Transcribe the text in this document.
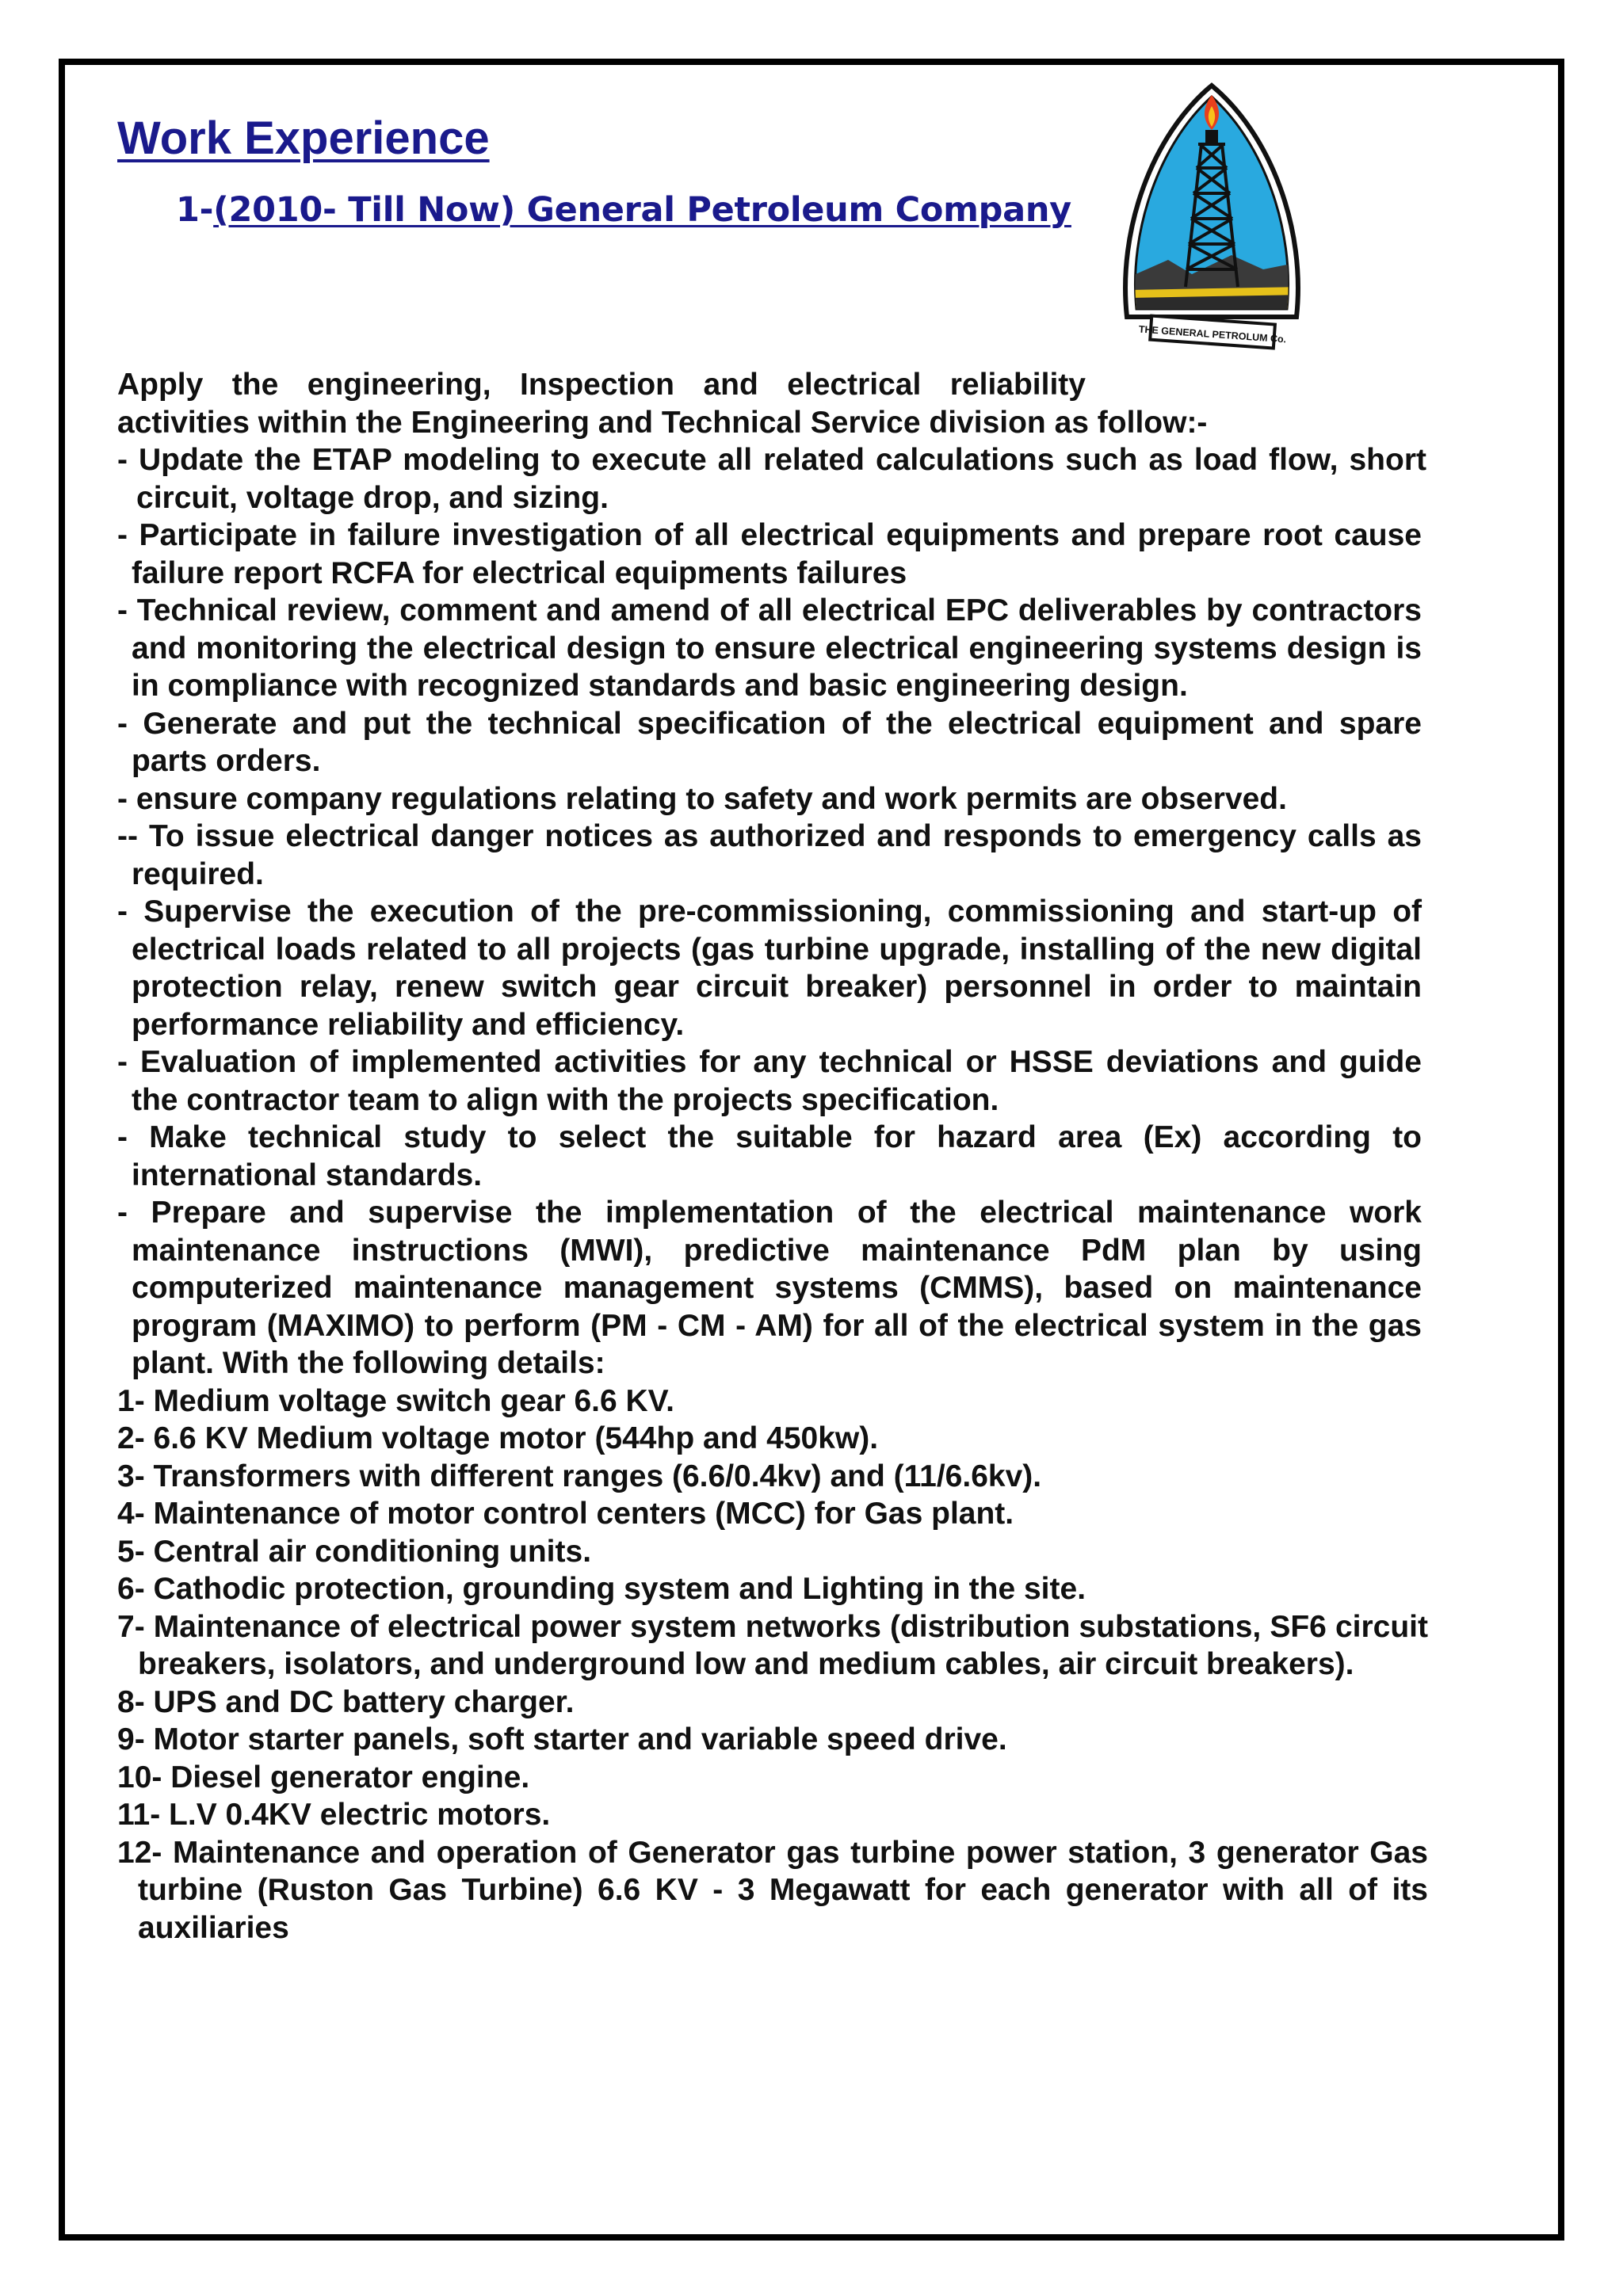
Work Experience
1-(2010- Till Now) General Petroleum Company
THE GENERAL PETROLUM Co.

Apply the engineering, Inspection and electrical reliability
activities within the Engineering and Technical Service division as follow:-

- Update the ETAP modeling to execute all related calculations such as load flow, short circuit, voltage drop, and sizing.
- Participate in failure investigation of all electrical equipments and prepare root cause failure report RCFA for electrical equipments failures
- Technical review, comment and amend of all electrical EPC deliverables by contractors and monitoring the electrical design to ensure electrical engineering systems design is in compliance with recognized standards and basic engineering design.
- Generate and put the technical specification of the electrical equipment and spare parts orders.
- ensure company regulations relating to safety and work permits are observed.
-- To issue electrical danger notices as authorized and responds to emergency calls as required.
- Supervise the execution of the pre-commissioning, commissioning and start-up of electrical loads related to all projects (gas turbine upgrade, installing of the new digital protection relay, renew switch gear circuit breaker) personnel in order to maintain performance reliability and efficiency.
- Evaluation of implemented activities for any technical or HSSE deviations and guide the contractor team to align with the projects specification.
- Make technical study to select the suitable for hazard area (Ex) according to international standards.
- Prepare and supervise the implementation of the electrical maintenance work maintenance instructions (MWI), predictive maintenance PdM plan by using computerized maintenance management systems (CMMS), based on maintenance program (MAXIMO) to perform (PM - CM - AM) for all of the electrical system in the gas plant. With the following details:
1- Medium voltage switch gear 6.6 KV.
2- 6.6 KV Medium voltage motor (544hp and 450kw).
3- Transformers with different ranges (6.6/0.4kv) and (11/6.6kv).
4- Maintenance of motor control centers (MCC) for Gas plant.
5- Central air conditioning units.
6- Cathodic protection, grounding system and Lighting in the site.
7- Maintenance of electrical power system networks (distribution substations, SF6 circuit breakers, isolators, and underground low and medium cables, air circuit breakers).
8- UPS and DC battery charger.
9- Motor starter panels, soft starter and variable speed drive.
10- Diesel generator engine.
11- L.V 0.4KV electric motors.
12- Maintenance and operation of Generator gas turbine power station, 3 generator Gas turbine (Ruston Gas Turbine) 6.6 KV - 3 Megawatt for each generator with all of its auxiliaries
